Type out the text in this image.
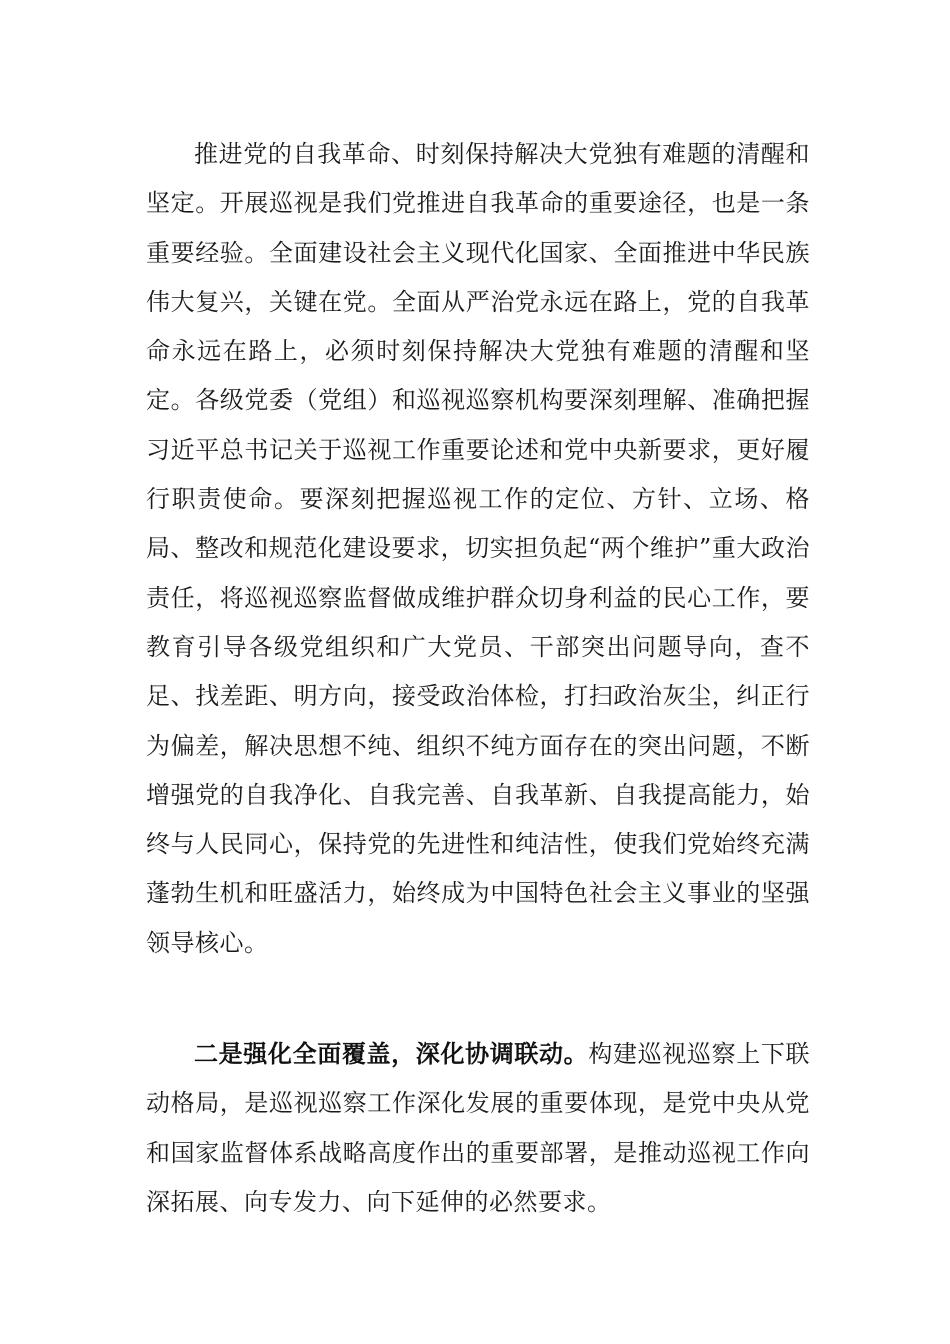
推进党的自我革命、时刻保持解决大党独有难题的清醒和坚定。开展巡视是我们党推进自我革命的重要途径，也是一条重要经验。全面建设社会主义现代化国家、全面推进中华民族伟大复兴，关键在党。全面从严治党永远在路上，党的自我革命永远在路上，必须时刻保持解决大党独有难题的清醒和坚定。各级党委（党组）和巡视巡察机构要深刻理解、准确把握习近平总书记关于巡视工作重要论述和党中央新要求，更好履行职责使命。要深刻把握巡视工作的定位、方针、立场、格局、整改和规范化建设要求，切实担负起“两个维护”重大政治责任，将巡视巡察监督做成维护群众切身利益的民心工作，要教育引导各级党组织和广大党员、干部突出问题导向，查不足、找差距、明方向，接受政治体检，打扫政治灰尘，纠正行为偏差，解决思想不纯、组织不纯方面存在的突出问题，不断增强党的自我净化、自我完善、自我革新、自我提高能力，始终与人民同心，保持党的先进性和纯洁性，使我们党始终充满蓬勃生机和旺盛活力，始终成为中国特色社会主义事业的坚强领导核心。

二是强化全面覆盖，深化协调联动。构建巡视巡察上下联动格局，是巡视巡察工作深化发展的重要体现，是党中央从党和国家监督体系战略高度作出的重要部署，是推动巡视工作向深拓展、向专发力、向下延伸的必然要求。
